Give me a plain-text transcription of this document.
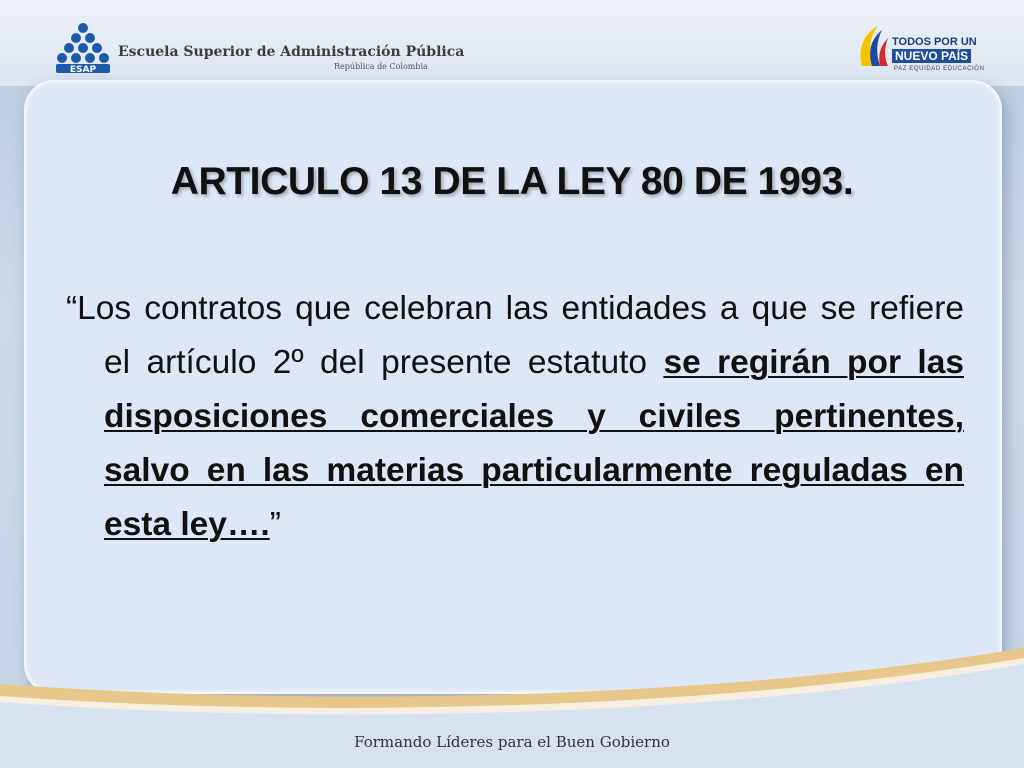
ESAP
Escuela Superior de Administración Pública
República de Colombia
TODOS POR UN
NUEVO PAÍS
PAZ EQUIDAD EDUCACIÓN
ARTICULO 13 DE LA LEY 80 DE 1993.
“Los contratos que celebran las entidades a que se refiere el artículo 2º del presente estatuto se regirán por las disposiciones comerciales y civiles pertinentes, salvo en las materias particularmente reguladas en esta ley….”
Formando Líderes para el Buen Gobierno
